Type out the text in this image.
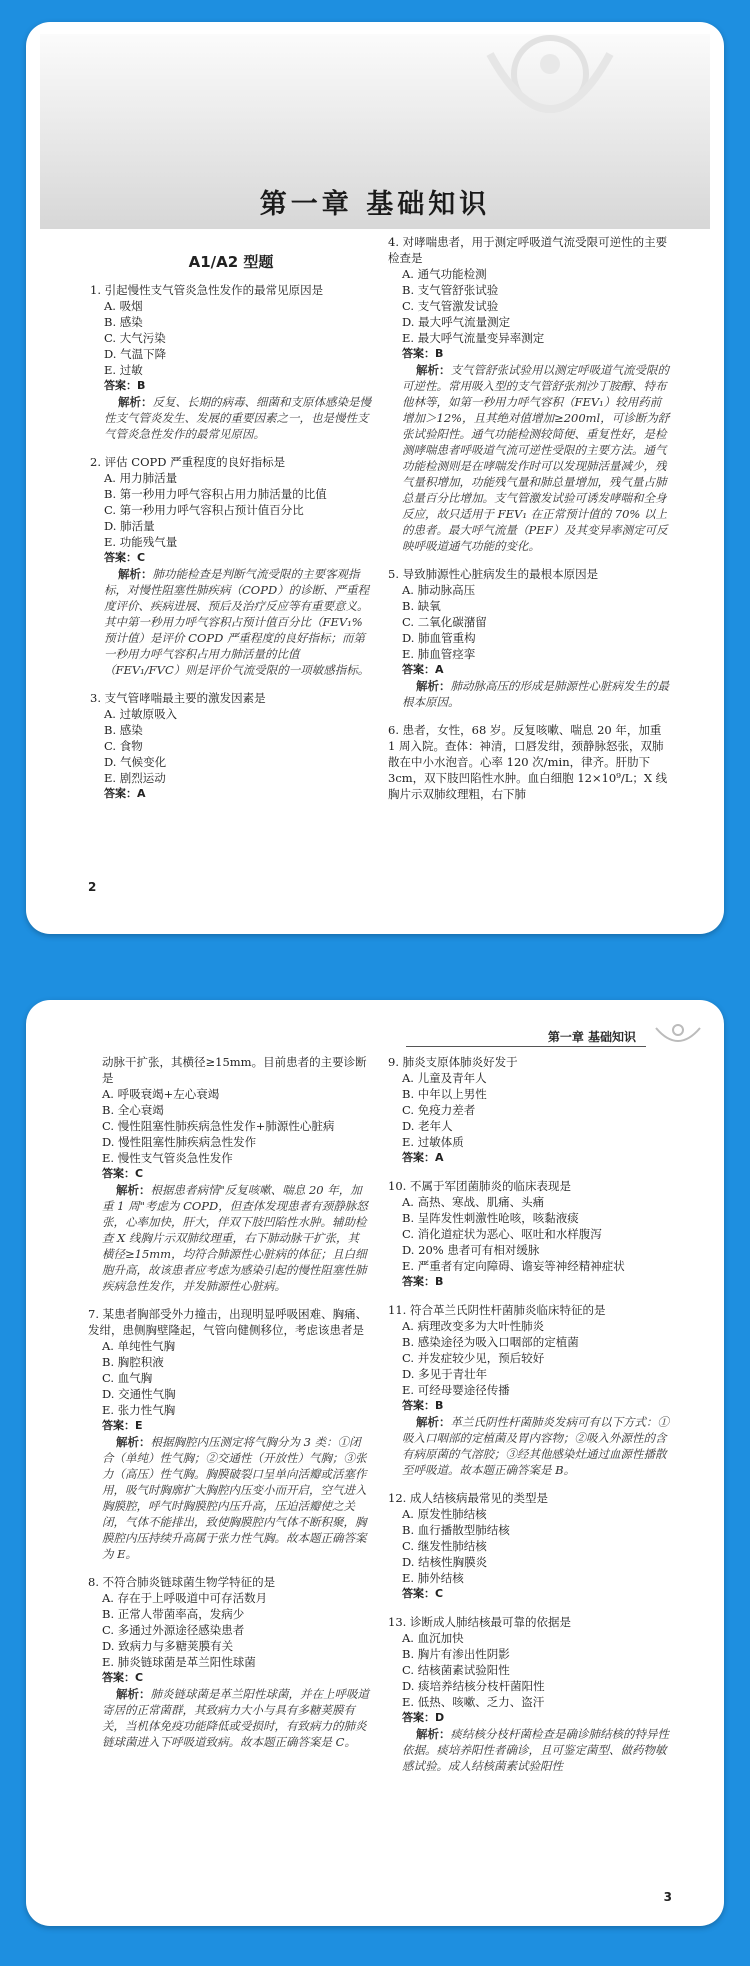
第一章 基础知识
A1/A2 型题

1. 引起慢性支气管炎急性发作的最常见原因是

A. 吸烟
B. 感染
C. 大气污染
D. 气温下降
E. 过敏
答案：B
解析：反复、长期的病毒、细菌和支原体感染是慢性支气管炎发生、发展的重要因素之一，也是慢性支气管炎急性发作的最常见原因。

2. 评估 COPD 严重程度的良好指标是

A. 用力肺活量
B. 第一秒用力呼气容积占用力肺活量的比值
C. 第一秒用力呼气容积占预计值百分比
D. 肺活量
E. 功能残气量
答案：C
解析：肺功能检查是判断气流受限的主要客观指标，对慢性阻塞性肺疾病（COPD）的诊断、严重程度评价、疾病进展、预后及治疗反应等有重要意义。其中第一秒用力呼气容积占预计值百分比（FEV₁% 预计值）是评价 COPD 严重程度的良好指标；而第一秒用力呼气容积占用力肺活量的比值（FEV₁/FVC）则是评价气流受限的一项敏感指标。

3. 支气管哮喘最主要的激发因素是

A. 过敏原吸入
B. 感染
C. 食物
D. 气候变化
E. 剧烈运动
答案：A

4. 对哮喘患者，用于测定呼吸道气流受限可逆性的主要检查是

A. 通气功能检测
B. 支气管舒张试验
C. 支气管激发试验
D. 最大呼气流量测定
E. 最大呼气流量变异率测定
答案：B
解析：支气管舒张试验用以测定呼吸道气流受限的可逆性。常用吸入型的支气管舒张剂沙丁胺醇、特布他林等，如第一秒用力呼气容积（FEV₁）较用药前增加＞12%，且其绝对值增加≥200ml，可诊断为舒张试验阳性。通气功能检测较简便、重复性好，是检测哮喘患者呼吸道气流可逆性受限的主要方法。通气功能检测则是在哮喘发作时可以发现肺活量减少，残气量积增加，功能残气量和肺总量增加，残气量占肺总量百分比增加。支气管激发试验可诱发哮喘和全身反应，故只适用于 FEV₁ 在正常预计值的 70% 以上的患者。最大呼气流量（PEF）及其变异率测定可反映呼吸道通气功能的变化。

5. 导致肺源性心脏病发生的最根本原因是

A. 肺动脉高压
B. 缺氧
C. 二氧化碳潴留
D. 肺血管重构
E. 肺血管痉挛
答案：A
解析：肺动脉高压的形成是肺源性心脏病发生的最根本原因。

6. 患者，女性，68 岁。反复咳嗽、喘息 20 年，加重 1 周入院。查体：神清，口唇发绀，颈静脉怒张，双肺散在中小水泡音。心率 120 次/min，律齐。肝肋下 3cm，双下肢凹陷性水肿。血白细胞 12×10⁹/L；X 线胸片示双肺纹理粗，右下肺

2
第一章 基础知识

动脉干扩张，其横径≥15mm。目前患者的主要诊断是

A. 呼吸衰竭+左心衰竭
B. 全心衰竭
C. 慢性阻塞性肺疾病急性发作+肺源性心脏病
D. 慢性阻塞性肺疾病急性发作
E. 慢性支气管炎急性发作
答案：C
解析：根据患者病情"反复咳嗽、喘息 20 年，加重 1 周"考虑为 COPD，但查体发现患者有颈静脉怒张，心率加快，肝大，伴双下肢凹陷性水肿。辅助检查 X 线胸片示双肺纹理重，右下肺动脉干扩张，其横径≥15mm，均符合肺源性心脏病的体征；且白细胞升高，故该患者应考虑为感染引起的慢性阻塞性肺疾病急性发作，并发肺源性心脏病。

7. 某患者胸部受外力撞击，出现明显呼吸困难、胸痛、发绀，患侧胸壁隆起，气管向健侧移位，考虑该患者是

A. 单纯性气胸
B. 胸腔积液
C. 血气胸
D. 交通性气胸
E. 张力性气胸
答案：E
解析：根据胸腔内压测定将气胸分为 3 类：①闭合（单纯）性气胸；②交通性（开放性）气胸；③张力（高压）性气胸。胸膜破裂口呈单向活瓣或活塞作用，吸气时胸廓扩大胸腔内压变小而开启，空气进入胸膜腔，呼气时胸膜腔内压升高，压迫活瓣使之关闭，气体不能排出，致使胸膜腔内气体不断积聚，胸膜腔内压持续升高属于张力性气胸。故本题正确答案为 E。

8. 不符合肺炎链球菌生物学特征的是

A. 存在于上呼吸道中可存活数月
B. 正常人带菌率高，发病少
C. 多通过外源途径感染患者
D. 致病力与多糖荚膜有关
E. 肺炎链球菌是革兰阳性球菌
答案：C
解析：肺炎链球菌是革兰阳性球菌，并在上呼吸道寄居的正常菌群，其致病力大小与具有多糖荚膜有关，当机体免疫功能降低或受损时，有致病力的肺炎链球菌进入下呼吸道致病。故本题正确答案是 C。

9. 肺炎支原体肺炎好发于

A. 儿童及青年人
B. 中年以上男性
C. 免疫力差者
D. 老年人
E. 过敏体质
答案：A

10. 不属于军团菌肺炎的临床表现是

A. 高热、寒战、肌痛、头痛
B. 呈阵发性刺激性呛咳，咳黏液痰
C. 消化道症状为恶心、呕吐和水样腹泻
D. 20% 患者可有相对缓脉
E. 严重者有定向障碍、谵妄等神经精神症状
答案：B

11. 符合革兰氏阴性杆菌肺炎临床特征的是

A. 病理改变多为大叶性肺炎
B. 感染途径为吸入口咽部的定植菌
C. 并发症较少见，预后较好
D. 多见于青壮年
E. 可经母婴途径传播
答案：B
解析：革兰氏阴性杆菌肺炎发病可有以下方式：①吸入口咽部的定植菌及胃内容物；②吸入外源性的含有病原菌的气溶胶；③经其他感染灶通过血源性播散至呼吸道。故本题正确答案是 B。

12. 成人结核病最常见的类型是

A. 原发性肺结核
B. 血行播散型肺结核
C. 继发性肺结核
D. 结核性胸膜炎
E. 肺外结核
答案：C

13. 诊断成人肺结核最可靠的依据是

A. 血沉加快
B. 胸片有渗出性阴影
C. 结核菌素试验阳性
D. 痰培养结核分枝杆菌阳性
E. 低热、咳嗽、乏力、盗汗
答案：D
解析：痰结核分枝杆菌检查是确诊肺结核的特异性依据。痰培养阳性者确诊，且可鉴定菌型、做药物敏感试验。成人结核菌素试验阳性
3
